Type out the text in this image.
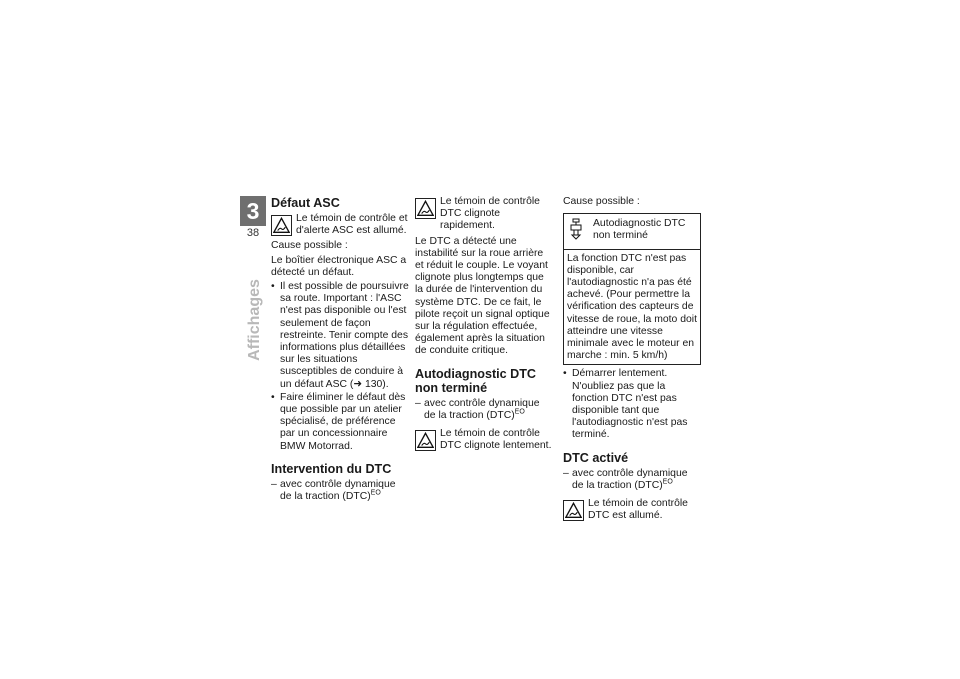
3
38
Affichages
Défaut ASC
Le témoin de contrôle et d'alerte ASC est allumé.

Cause possible :

Le boîtier électronique ASC a détecté un défaut.

• Il est possible de poursuivre sa route. Important : l'ASC n'est pas disponible ou l'est seulement de façon restreinte. Tenir compte des informations plus détaillées sur les situations susceptibles de conduire à un défaut ASC (➜ 130).
• Faire éliminer le défaut dès que possible par un atelier spécialisé, de préférence par un concessionnaire BMW Motorrad.
Intervention du DTC
– avec contrôle dynamique de la traction (DTC)$^{EO}$
Le témoin de contrôle DTC clignote rapidement.

Le DTC a détecté une instabilité sur la roue arrière et réduit le couple. Le voyant clignote plus longtemps que la durée de l'intervention du système DTC. De ce fait, le pilote reçoit un signal optique sur la régulation effectuée, également après la situation de conduite critique.

Autodiagnostic DTC non terminé
– avec contrôle dynamique de la traction (DTC)$^{EO}$
Le témoin de contrôle DTC clignote lentement.

Cause possible :

Autodiagnostic DTC non terminé
La fonction DTC n'est pas disponible, car l'autodiagnostic n'a pas été achevé. (Pour permettre la vérification des capteurs de vitesse de roue, la moto doit atteindre une vitesse minimale avec le moteur en marche : min. 5 km/h)
• Démarrer lentement. N'oubliez pas que la fonction DTC n'est pas disponible tant que l'autodiagnostic n'est pas terminé.
DTC activé
– avec contrôle dynamique de la traction (DTC)$^{EO}$
Le témoin de contrôle DTC est allumé.
